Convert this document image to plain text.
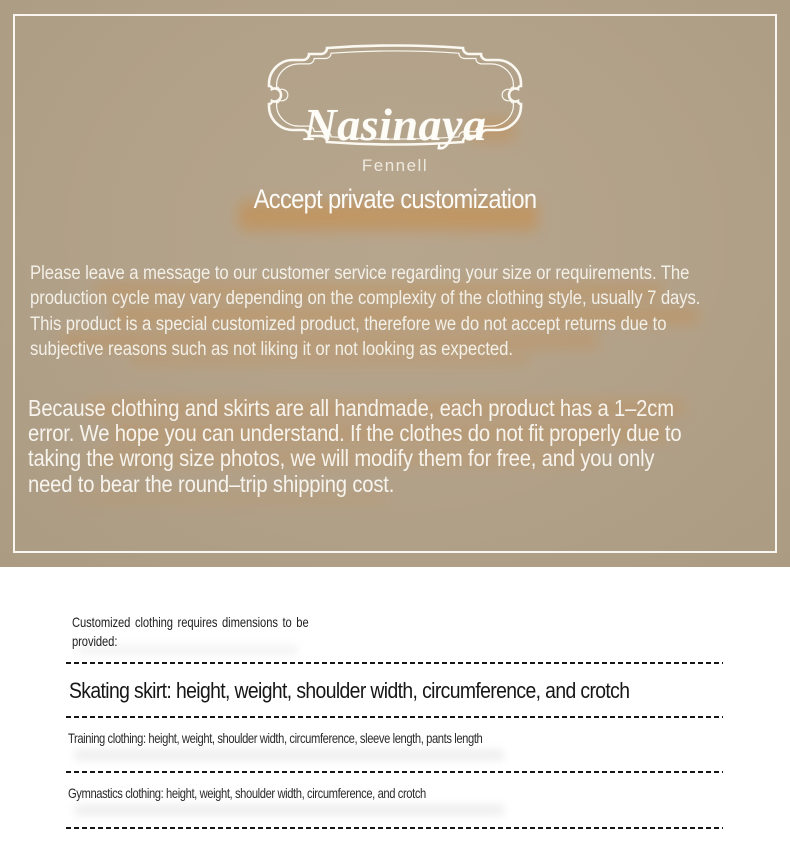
Nasinaya
Fennell
Accept private customization
Please leave a message to our customer service regarding your size or requirements. The
production cycle may vary depending on the complexity of the clothing style, usually 7 days.
This product is a special customized product, therefore we do not accept returns due to
subjective reasons such as not liking it or not looking as expected.
Because clothing and skirts are all handmade, each product has a 1–2cm
error. We hope you can understand. If the clothes do not fit properly due to
taking the wrong size photos, we will modify them for free, and you only
need to bear the round–trip shipping cost.
Customized clothing requires dimensions to be
provided:
Skating skirt: height, weight, shoulder width, circumference, and crotch
Training clothing: height, weight, shoulder width, circumference, sleeve length, pants length
Gymnastics clothing: height, weight, shoulder width, circumference, and crotch
